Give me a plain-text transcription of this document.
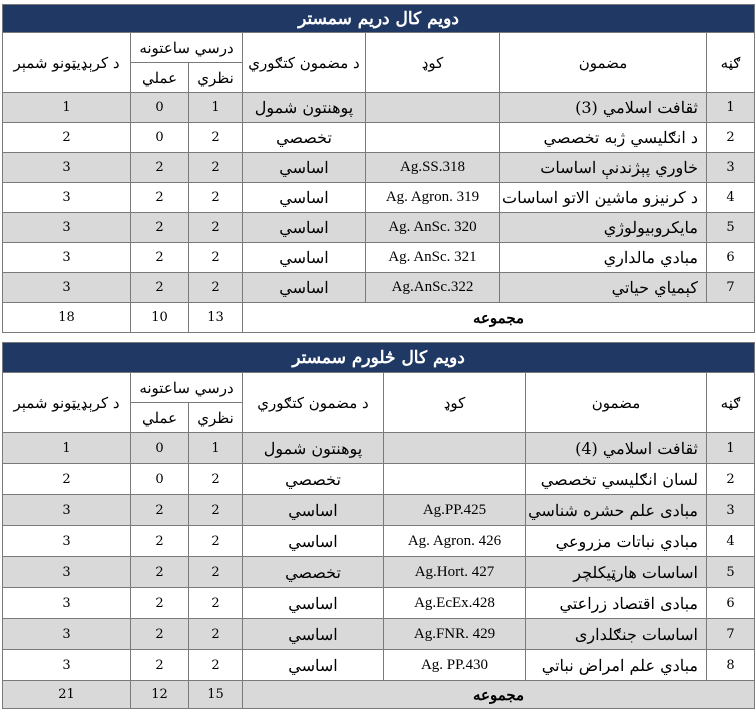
دویم کال دریم سمستر						
د کرېډیټونو شمېر	درسي ساعتونه		د مضمون کتګوري	کوډ	مضمون	ګڼه
	عملي	نظري				
1	0	1	پوهنتون شمول		ثقافت اسلامي (3)	1
2	0	2	تخصصي		د انګلیسي ژبه تخصصي	2
3	2	2	اساسي	Ag.SS.318	خاوري پېژندنې اساسات	3
3	2	2	اساسي	Ag. Agron. 319	د کرنیزو ماشین الاتو اساسات	4
3	2	2	اساسي	Ag. AnSc. 320	مایکروبیولوژي	5
3	2	2	اساسي	Ag. AnSc. 321	مبادي مالداري	6
3	2	2	اساسي	Ag.AnSc.322	کېمیاي حیاتي	7
18	10	13	مجموعه			
دویم کال څلورم سمستر						
د کرېډیټونو شمېر	درسي ساعتونه		د مضمون کتګوري	کوډ	مضمون	ګڼه
	عملي	نظري				
1	0	1	پوهنتون شمول		ثقافت اسلامي (4)	1
2	0	2	تخصصي		لسان انګلیسي تخصصي	2
3	2	2	اساسي	Ag.PP.425	مبادی علم حشره شناسي	3
3	2	2	اساسي	Ag. Agron. 426	مبادي نباتات مزروعي	4
3	2	2	تخصصي	Ag.Hort. 427	اساسات هارټیکلچر	5
3	2	2	اساسي	Ag.EcEx.428	مبادی اقتصاد زراعتي	6
3	2	2	اساسي	Ag.FNR. 429	اساسات جنګلداری	7
3	2	2	اساسي	Ag. PP.430	مبادي علم امراض نباتي	8
21	12	15	مجموعه			
